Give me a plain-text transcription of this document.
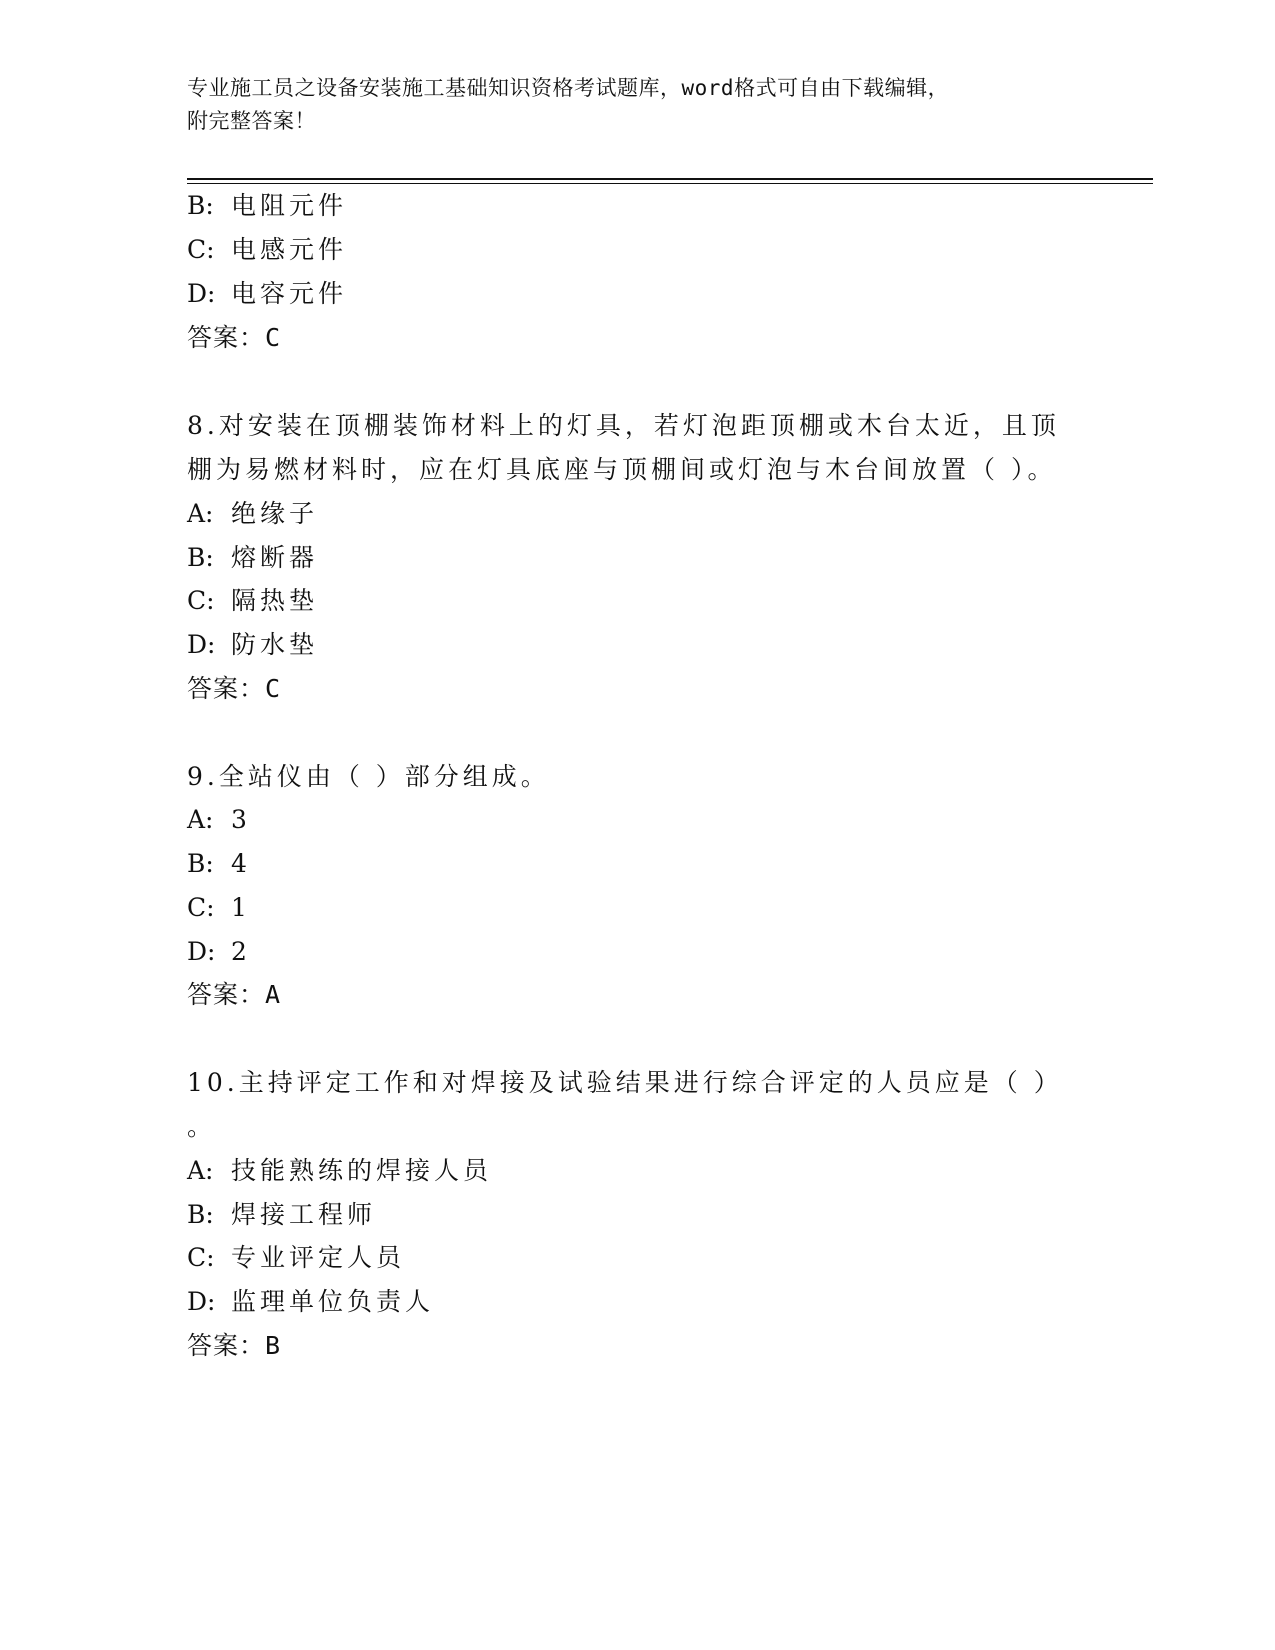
专业施工员之设备安装施工基础知识资格考试题库，word格式可自由下载编辑，
附完整答案！
B: 电阻元件
C: 电感元件
D: 电容元件
答案：C
8.对安装在顶棚装饰材料上的灯具，若灯泡距顶棚或木台太近，且顶
棚为易燃材料时，应在灯具底座与顶棚间或灯泡与木台间放置（ ）。
A: 绝缘子
B: 熔断器
C: 隔热垫
D: 防水垫
答案：C
9.全站仪由（ ）部分组成。
A: 3
B: 4
C: 1
D: 2
答案：A
10.主持评定工作和对焊接及试验结果进行综合评定的人员应是（ ）
。
A: 技能熟练的焊接人员
B: 焊接工程师
C: 专业评定人员
D: 监理单位负责人
答案：B
